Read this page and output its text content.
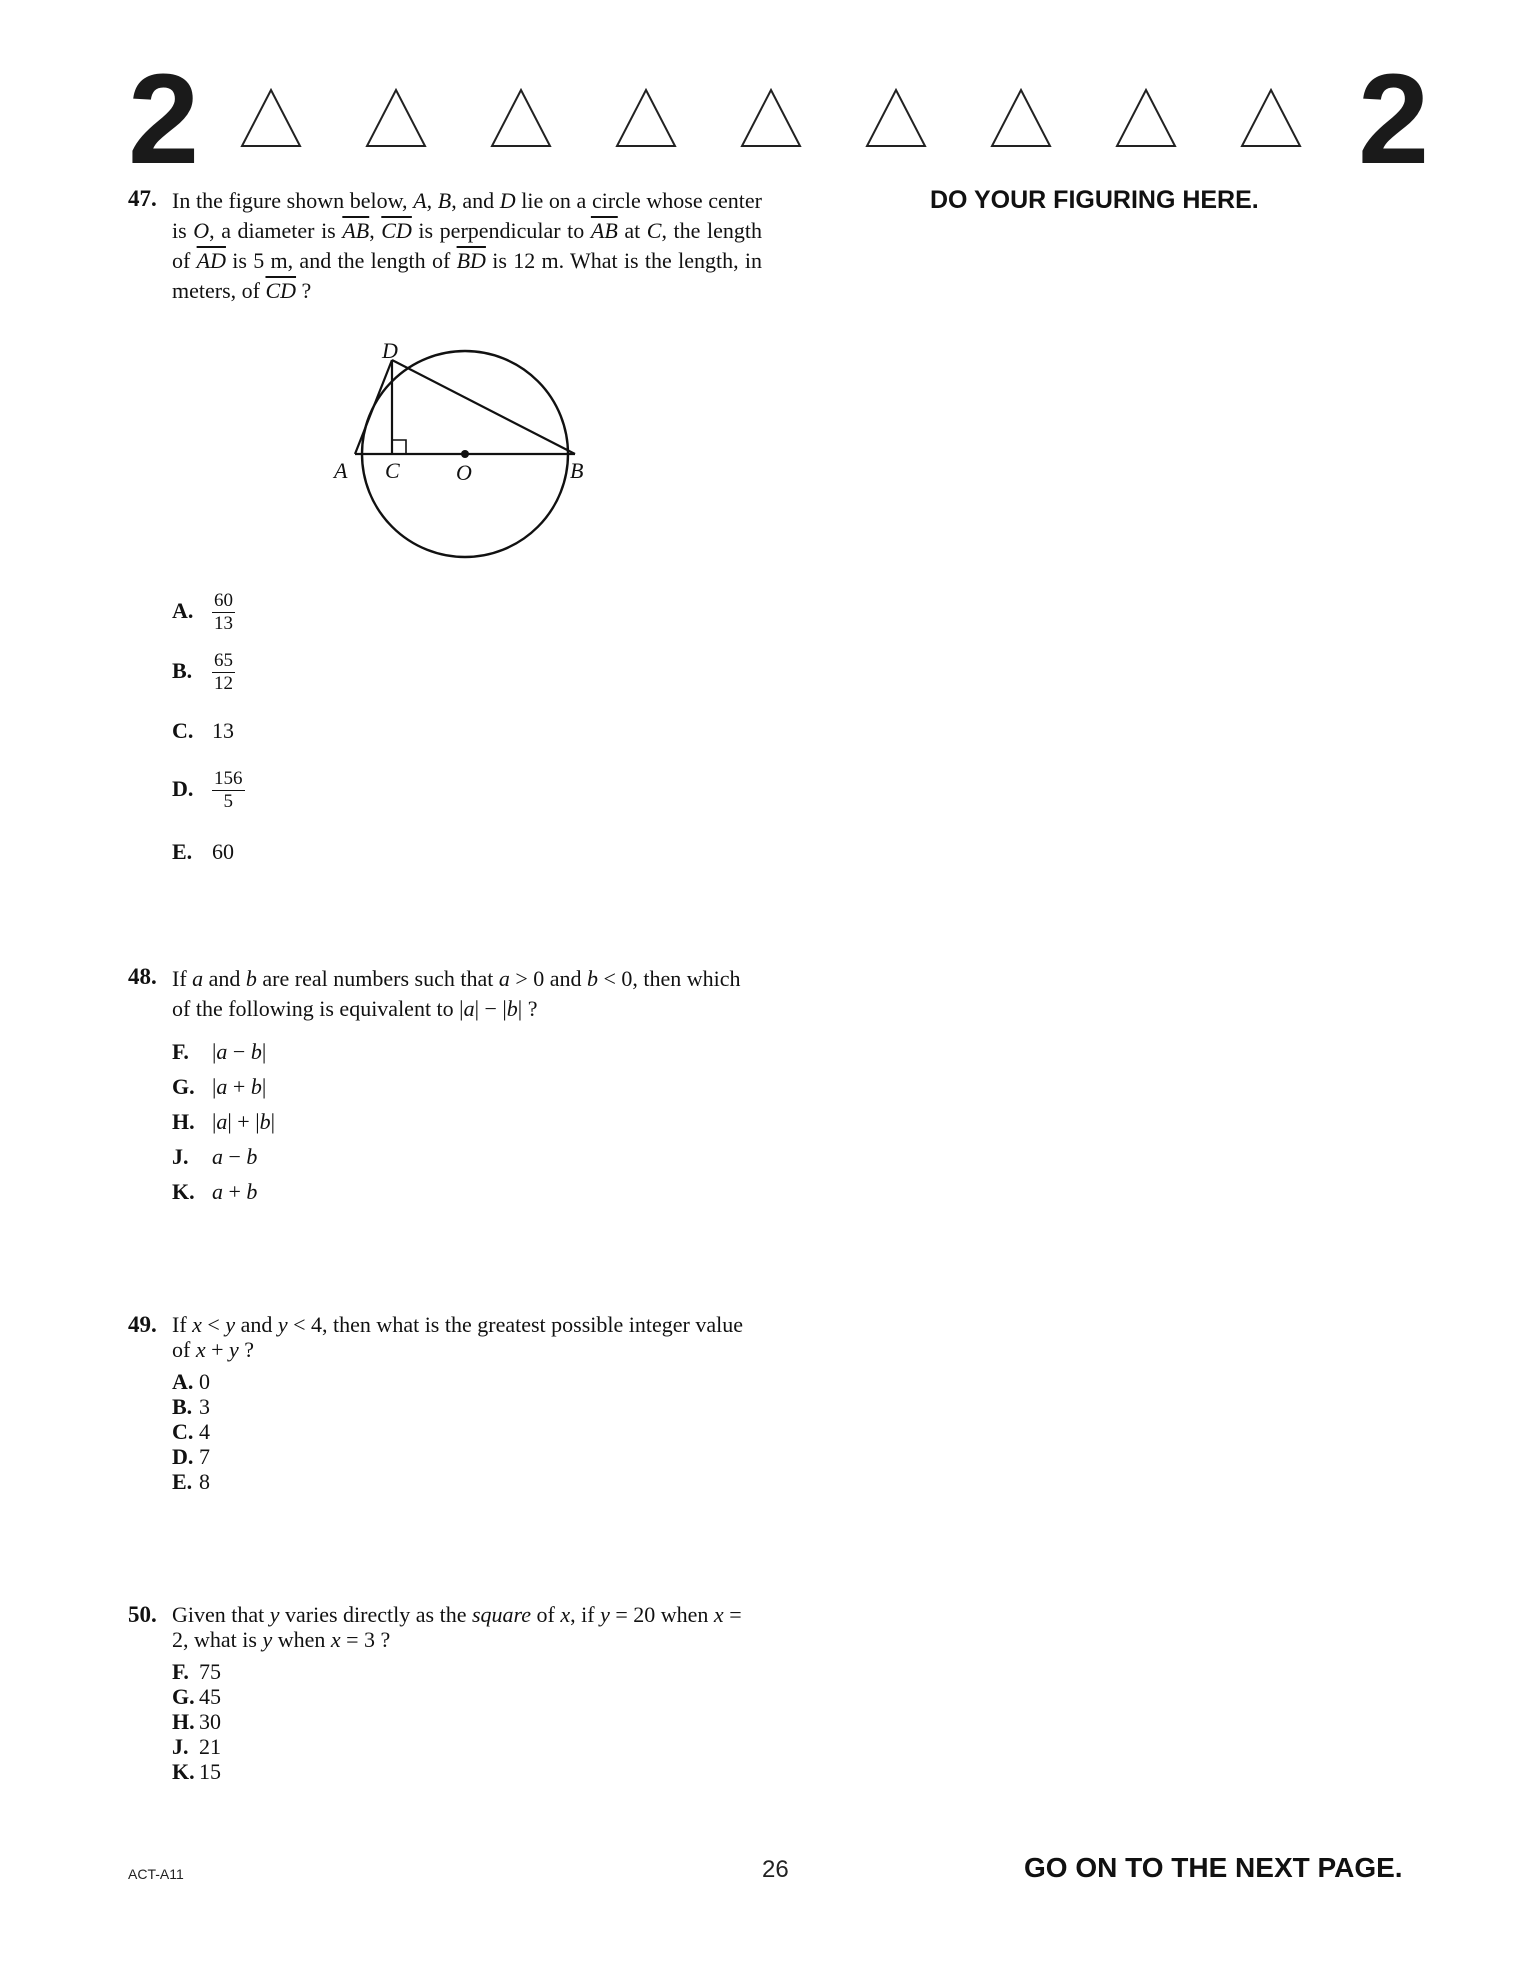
2	2
DO YOUR FIGURING HERE.
47. In the figure shown below, A, B, and D lie on a circle whose center is O, a diameter is $\overline{AB}$, $\overline{CD}$ is perpendicular to $\overline{AB}$ at C, the length of $\overline{AD}$ is 5 m, and the length of $\overline{BD}$ is 12 m. What is the length, in meters, of $\overline{CD}$ ?
D
A C	O	B
A. $\frac{60}{13}$
B. $\frac{65}{12}$
C. 13
D. $\frac{156}{5}$
E. 60
48. If a and b are real numbers such that a > 0 and b < 0, then which of the following is equivalent to |a| − |b| ?
F. |a − b|
G. |a + b|
H. |a| + |b|
J. a − b
K. a + b
49. If x < y and y < 4, then what is the greatest possible integer value of x + y ?
A. 0
B. 3
C. 4
D. 7
E. 8
50. Given that y varies directly as the square of x, if y = 20 when x = 2, what is y when x = 3 ?
F. 75
G. 45
H. 30
J. 21
K. 15
ACT-A11	26	GO ON TO THE NEXT PAGE.
